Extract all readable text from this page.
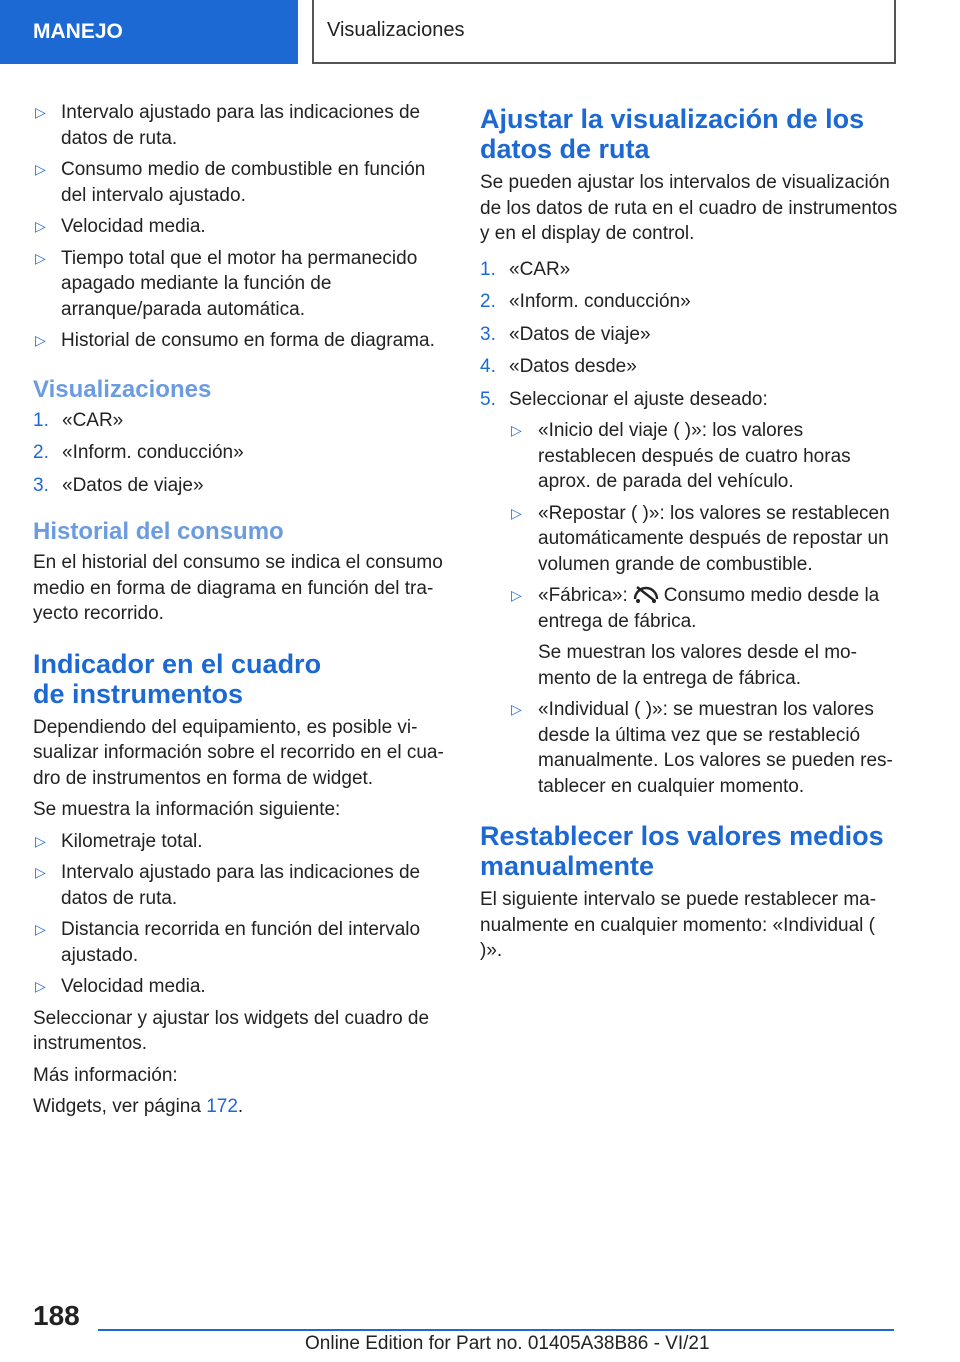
MANEJO	Visualizaciones
▷ Intervalo ajustado para las indicaciones de datos de ruta.
▷ Consumo medio de combustible en función del intervalo ajustado.
▷ Velocidad media.
▷ Tiempo total que el motor ha permanecido apagado mediante la función de arranque/parada automática.
▷ Historial de consumo en forma de diagrama.
Visualizaciones
1. «CAR»
2. «Inform. conducción»
3. «Datos de viaje»
Historial del consumo

En el historial del consumo se indica el consumo medio en forma de diagrama en función del trayecto recorrido.

Indicador en el cuadro
de instrumentos

Dependiendo del equipamiento, es posible visualizar información sobre el recorrido en el cuadro de instrumentos en forma de widget.

Se muestra la información siguiente:

▷ Kilometraje total.
▷ Intervalo ajustado para las indicaciones de datos de ruta.
▷ Distancia recorrida en función del intervalo ajustado.
▷ Velocidad media.

Seleccionar y ajustar los widgets del cuadro de instrumentos.

Más información:

Widgets, ver página 172.

Ajustar la visualización de los
datos de ruta

Se pueden ajustar los intervalos de visualización de los datos de ruta en el cuadro de instrumentos y en el display de control.

1. «CAR»
2. «Inform. conducción»
3. «Datos de viaje»
4. «Datos desde»
5. Seleccionar el ajuste deseado:
▷ «Inicio del viaje ( )»: los valores restablecen después de cuatro horas aprox. de parada del vehículo.
▷ «Repostar ( )»: los valores se restablecen automáticamente después de repostar un volumen grande de combustible.
▷ «Fábrica»: Consumo medio desde la entrega de fábrica.

Se muestran los valores desde el momento de la entrega de fábrica.

▷ «Individual ( )»: se muestran los valores desde la última vez que se restableció manualmente. Los valores se pueden restablecer en cualquier momento.
Restablecer los valores medios
manualmente

El siguiente intervalo se puede restablecer manualmente en cualquier momento: «Individual ( )».

188
Online Edition for Part no. 01405A38B86 - VI/21
